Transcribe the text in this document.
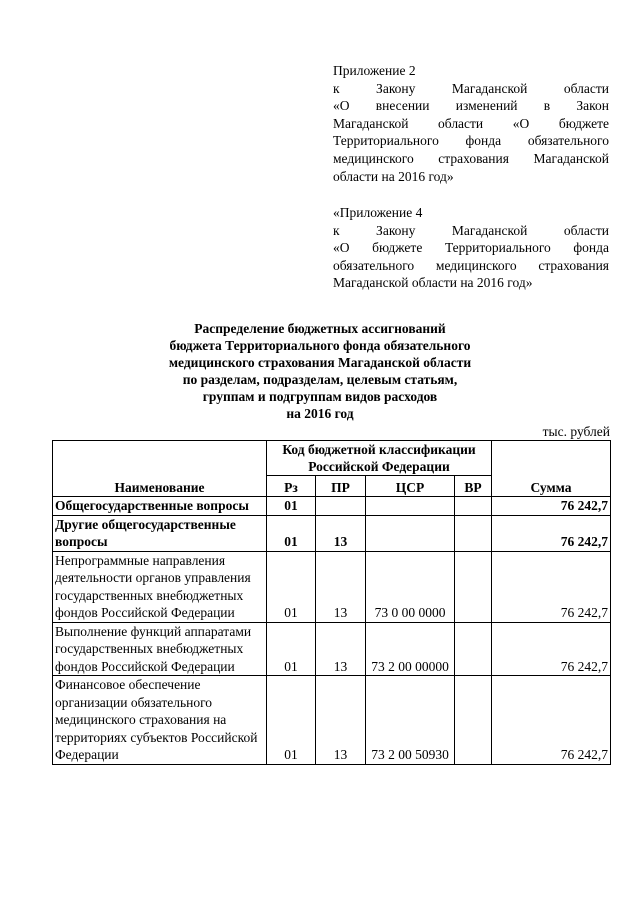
Приложение 2
к Закону Магаданской области
«О внесении изменений в Закон
Магаданской области «О бюджете
Территориального фонда обязательного
медицинского страхования Магаданской
области на 2016 год»
«Приложение 4
к Закону Магаданской области
«О бюджете Территориального фонда
обязательного медицинского страхования
Магаданской области на 2016 год»
Распределение бюджетных ассигнований
бюджета Территориального фонда обязательного
медицинского страхования Магаданской области
по разделам, подразделам, целевым статьям,
группам и подгруппам видов расходов
на 2016 год
тыс. рублей
Наименование	Код бюджетной классификации Российской Федерации				Сумма
	Рз	ПР	ЦСР	ВР	
Общегосударственные вопросы	01				76 242,7
Другие общегосударственные вопросы	01	13			76 242,7
Непрограммные направления деятельности органов управления государственных внебюджетных фондов Российской Федерации	01	13	73 0 00 0000		76 242,7
Выполнение функций аппаратами государственных внебюджетных фондов Российской Федерации	01	13	73 2 00 00000		76 242,7
Финансовое обеспечение организации обязательного медицинского страхования на территориях субъектов Российской Федерации	01	13	73 2 00 50930		76 242,7
